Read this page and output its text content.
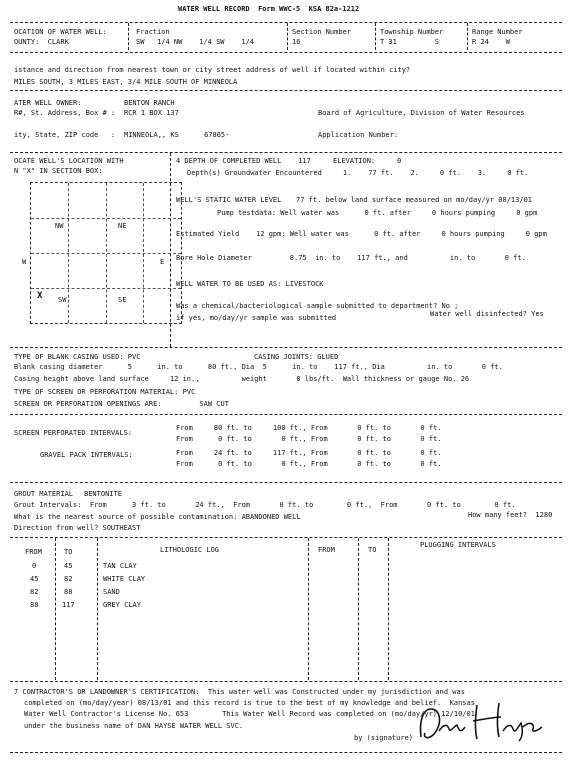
WATER WELL RECORD  Form WWC-5  KSA 82a-1212
OCATION OF WATER WELL:
OUNTY:  CLARK
Fraction
SW   1/4 NW    1/4 SW    1/4
Section Number
16
Township Number
T 31         S
Range Number
R 24    W
istance and direction from nearest town or city street address of well if located within city?
MILES SOUTH, 3 MILES EAST, 3/4 MILE SOUTH OF MINNEOLA
ATER WELL OWNER:	BENTON RANCH
R#, St. Address, Box # : RCR 1 BOX 137	Board of Agriculture, Division of Water Resources
ity, State, ZIP code   : MINNEOLA,, KS      67865-	Application Number:
OCATE WELL'S LOCATION WITH
N "X" IN SECTION BOX:
NW	NE
SW	SE
W	E
X
4 DEPTH OF COMPLETED WELL    117	ELEVATION:	0
Depth(s) Groundwater Encountered     1.    77 ft.    2.     0 ft.    3.     0 ft.
WELL'S STATIC WATER LEVEL 77 ft. below land surface measured on mo/day/yr 08/13/01
Pump testdata: Well water was      0 ft. after     0 hours pumping     0 gpm
Estimated Yield    12 gpm: Well water was      0 ft. after     0 hours pumping     0 gpm
Bore Hole Diameter         8.75  in. to    117 ft., and          in. to       0 ft.
WELL WATER TO BE USED AS: LIVESTOCK
Was a chemical/bacteriological sample submitted to department? No ;
if yes, mo/day/yr sample was submitted	Water well disinfected? Yes
TYPE OF BLANK CASING USED: PVC	CASING JOINTS: GLUED
Blank casing diameter      5      in. to      80 ft., Dia  5      in. to    117 ft., Dia          in. to       0 ft.
Casing height above land surface     12 in.,          weight       0 lbs/ft.  Wall thickness or gauge No. 26
TYPE OF SCREEN OR PERFORATION MATERIAL: PVC
SCREEN OR PERFORATION OPENINGS ARE:         SAW CUT
SCREEN PERFORATED INTERVALS:
GRAVEL PACK INTERVALS:
From     80 ft. to     100 ft., From       0 ft. to       0 ft.
From      0 ft. to       0 ft., From       0 ft. to       0 ft.
From     24 ft. to     117 ft., From       0 ft. to       0 ft.
From      0 ft. to       0 ft., From       0 ft. to       0 ft.
GROUT MATERIAL BENTONITE
Grout Intervals:  From      3 ft. to       24 ft.,  From       0 ft. to        0 ft.,  From       0 ft. to        0 ft.
What is the nearest source of possible contamination: ABANDONED WELL	How many feet?  1280
Direction from well? SOUTHEAST
FROM	TO	LITHOLOGIC LOG	FROM	TO
PLUGGING INTERVALS
0	45	TAN CLAY
45	82	WHITE CLAY
82	88	SAND
88	117	GREY CLAY
7 CONTRACTOR'S OR LANDOWNER'S CERTIFICATION:  This water well was Constructed under my jurisdiction and was
completed on (mo/day/year) 08/13/01 and this record is true to the best of my knowledge and belief.  Kansas
Water Well Contractor's License No. 653        This Water Well Record was completed on (mo/day/yr) 12/10/01
under the business name of DAN HAYSE WATER WELL SVC.
by (signature)
